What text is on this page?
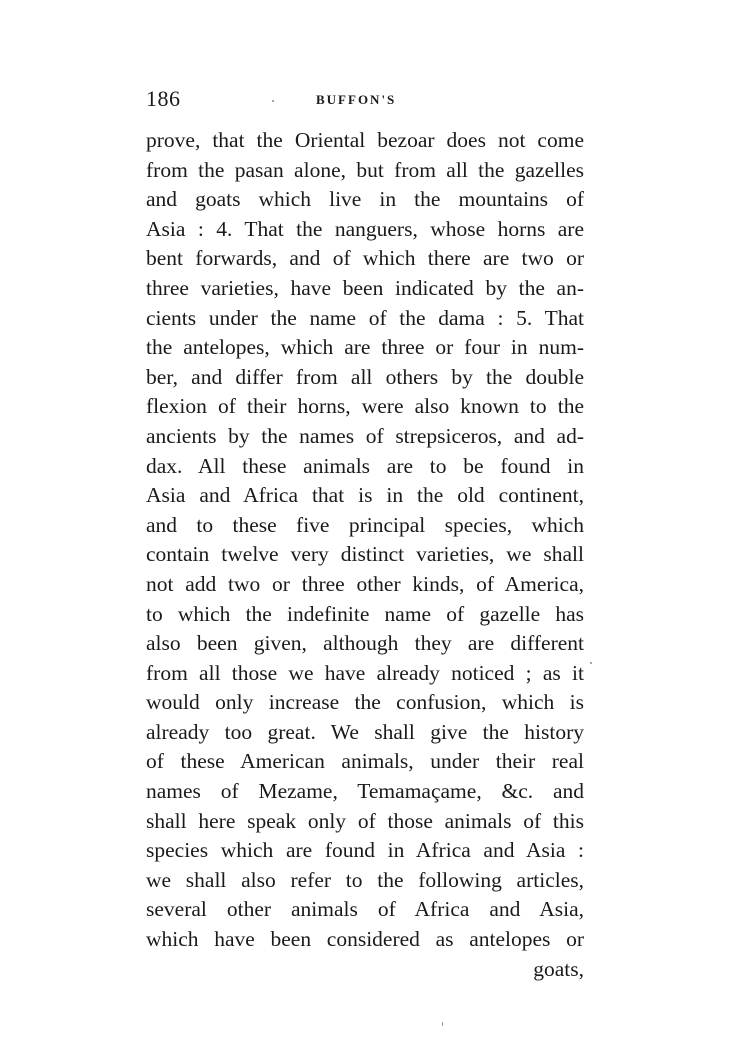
186	BUFFON'S
prove, that the Oriental bezoar does not come
from the pasan alone, but from all the gazelles
and goats which live in the mountains of
Asia : 4. That the nanguers, whose horns are
bent forwards, and of which there are two or
three varieties, have been indicated by the an-
cients under the name of the dama : 5. That
the antelopes, which are three or four in num-
ber, and differ from all others by the double
flexion of their horns, were also known to the
ancients by the names of strepsiceros, and ad-
dax. All these animals are to be found in
Asia and Africa that is in the old continent,
and to these five principal species, which
contain twelve very distinct varieties, we shall
not add two or three other kinds, of America,
to which the indefinite name of gazelle has
also been given, although they are different
from all those we have already noticed ; as it
would only increase the confusion, which is
already too great. We shall give the history
of these American animals, under their real
names of Mezame, Temamaçame, &c. and
shall here speak only of those animals of this
species which are found in Africa and Asia :
we shall also refer to the following articles,
several other animals of Africa and Asia,
which have been considered as antelopes or
goats,
